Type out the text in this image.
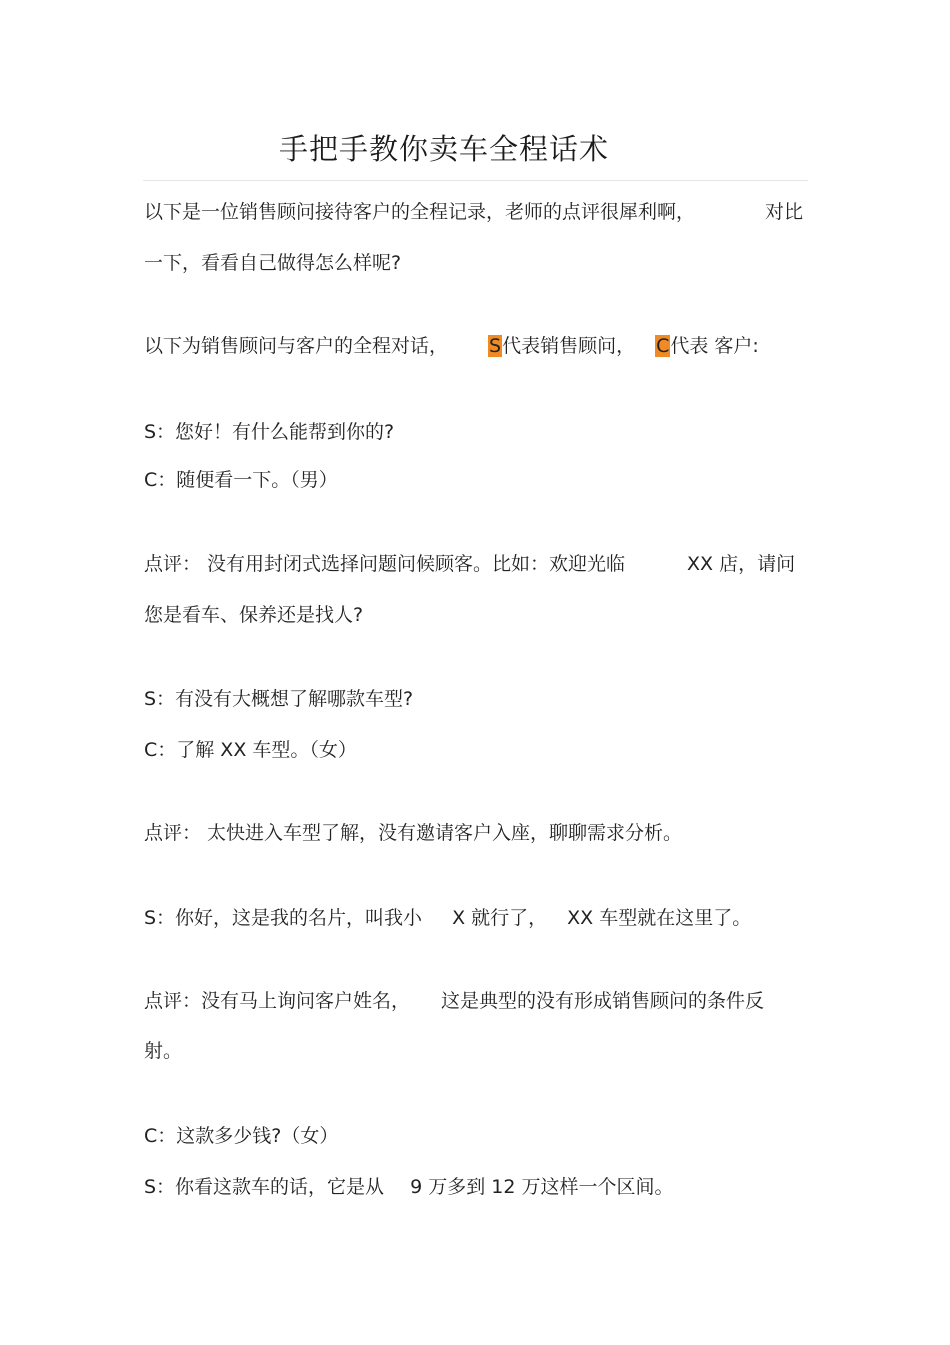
手把手教你卖车全程话术
以下是一位销售顾问接待客户的全程记录，老师的点评很犀利啊，	对比
一下，看看自己做得怎么样呢?
以下为销售顾问与客户的全程对话， S代表销售顾问， C代表 客户:
S：您好！有什么能帮到你的?
C：随便看一下。（男）
点评： 没有用封闭式选择问题问候顾客。比如：欢迎光临	XX 店，请问
您是看车、保养还是找人?
S：有没有大概想了解哪款车型?
C：了解 XX 车型。（女）
点评： 太快进入车型了解，没有邀请客户入座，聊聊需求分析。
S：你好，这是我的名片，叫我小 X 就行了， XX 车型就在这里了。
点评：没有马上询问客户姓名， 这是典型的没有形成销售顾问的条件反
射。
C：这款多少钱?（女）
S：你看这款车的话，它是从 9 万多到 12 万这样一个区间。
